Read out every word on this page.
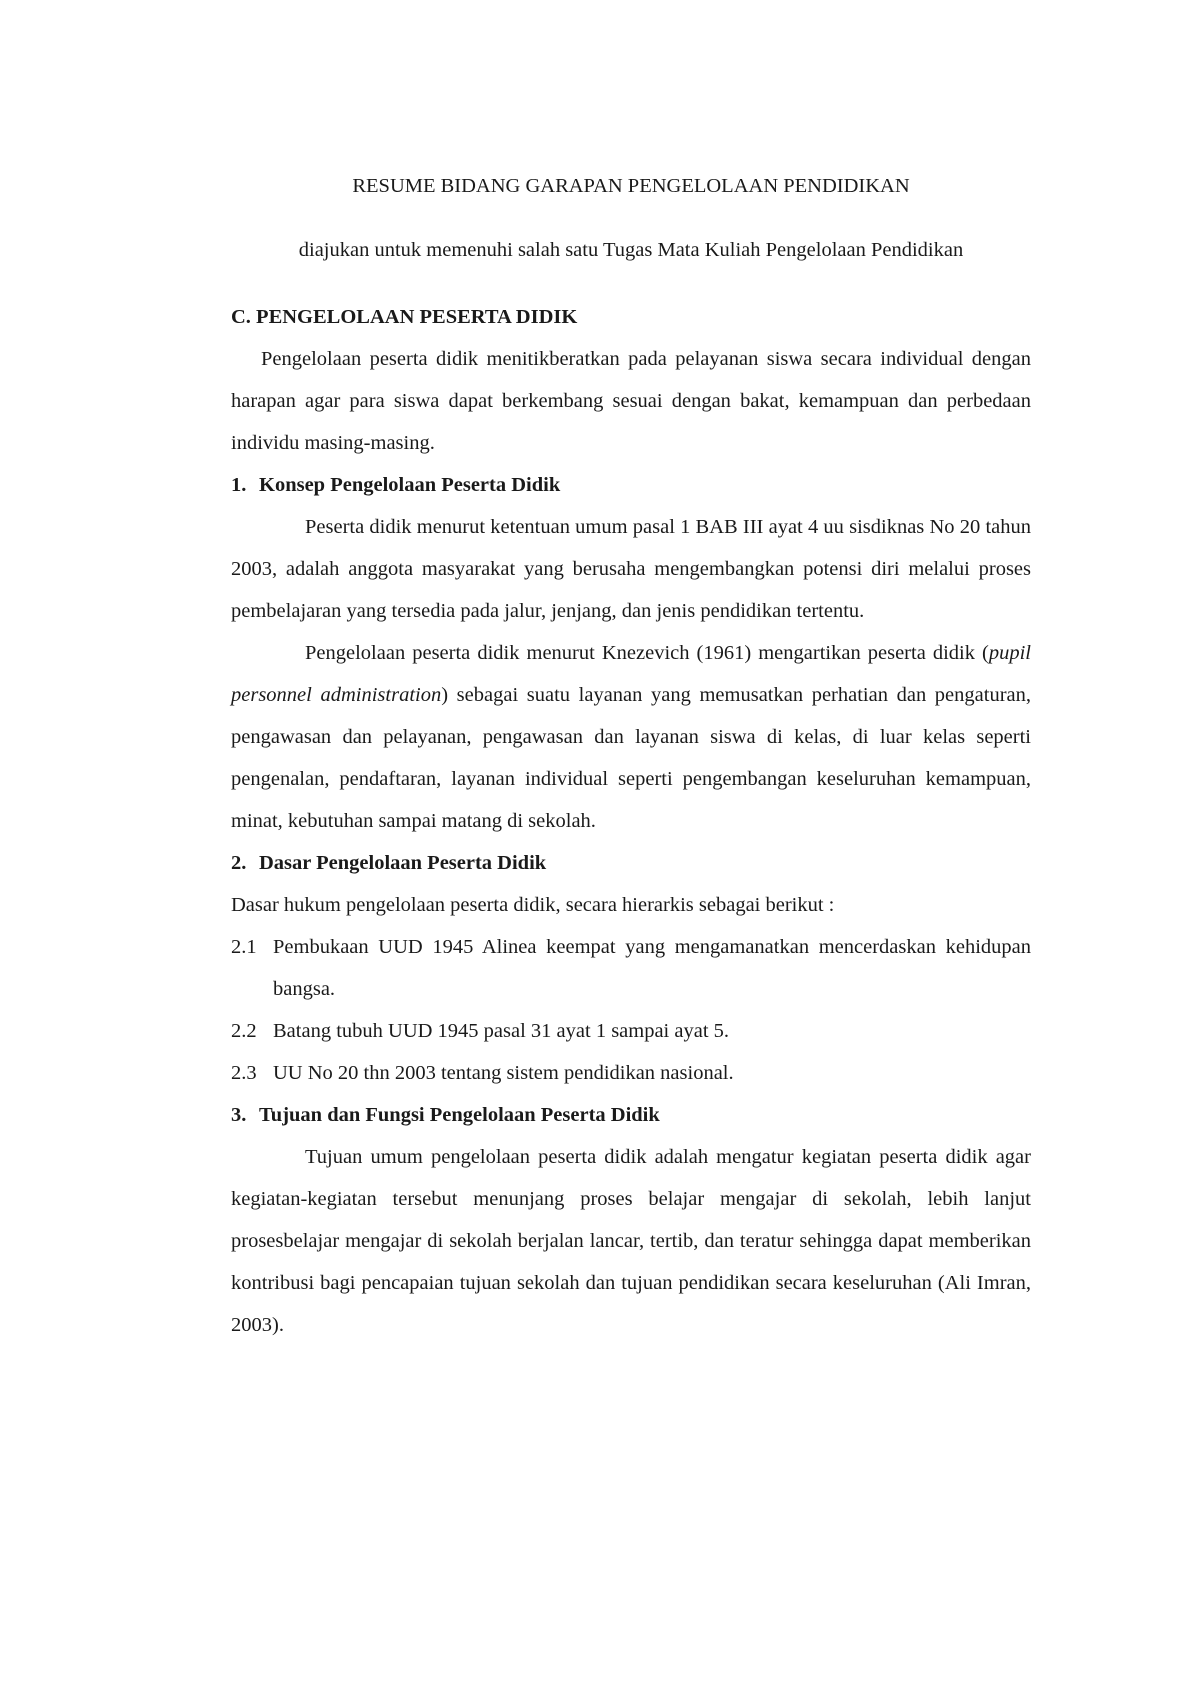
RESUME BIDANG GARAPAN PENGELOLAAN PENDIDIKAN
diajukan untuk memenuhi salah satu Tugas Mata Kuliah Pengelolaan Pendidikan
C. PENGELOLAAN PESERTA DIDIK

Pengelolaan peserta didik menitikberatkan pada pelayanan siswa secara individual dengan harapan agar para siswa dapat berkembang sesuai dengan bakat, kemampuan dan perbedaan individu masing-masing.

1. Konsep Pengelolaan Peserta Didik

Peserta didik menurut ketentuan umum pasal 1 BAB III ayat 4 uu sisdiknas No 20 tahun 2003, adalah anggota masyarakat yang berusaha mengembangkan potensi diri melalui proses pembelajaran yang tersedia pada jalur, jenjang, dan jenis pendidikan tertentu.

Pengelolaan peserta didik menurut Knezevich (1961) mengartikan peserta didik (pupil personnel administration) sebagai suatu layanan yang memusatkan perhatian dan pengaturan, pengawasan dan pelayanan, pengawasan dan layanan siswa di kelas, di luar kelas seperti pengenalan, pendaftaran, layanan individual seperti pengembangan keseluruhan kemampuan, minat, kebutuhan sampai matang di sekolah.

2. Dasar Pengelolaan Peserta Didik

Dasar hukum pengelolaan peserta didik, secara hierarkis sebagai berikut :

2.1 Pembukaan UUD 1945 Alinea keempat yang mengamanatkan mencerdaskan kehidupan bangsa.
2.2 Batang tubuh UUD 1945 pasal 31 ayat 1 sampai ayat 5.
2.3 UU No 20 thn 2003 tentang sistem pendidikan nasional.
3. Tujuan dan Fungsi Pengelolaan Peserta Didik

Tujuan umum pengelolaan peserta didik adalah mengatur kegiatan peserta didik agar kegiatan-kegiatan tersebut menunjang proses belajar mengajar di sekolah, lebih lanjut prosesbelajar mengajar di sekolah berjalan lancar, tertib, dan teratur sehingga dapat memberikan kontribusi bagi pencapaian tujuan sekolah dan tujuan pendidikan secara keseluruhan (Ali Imran, 2003).
